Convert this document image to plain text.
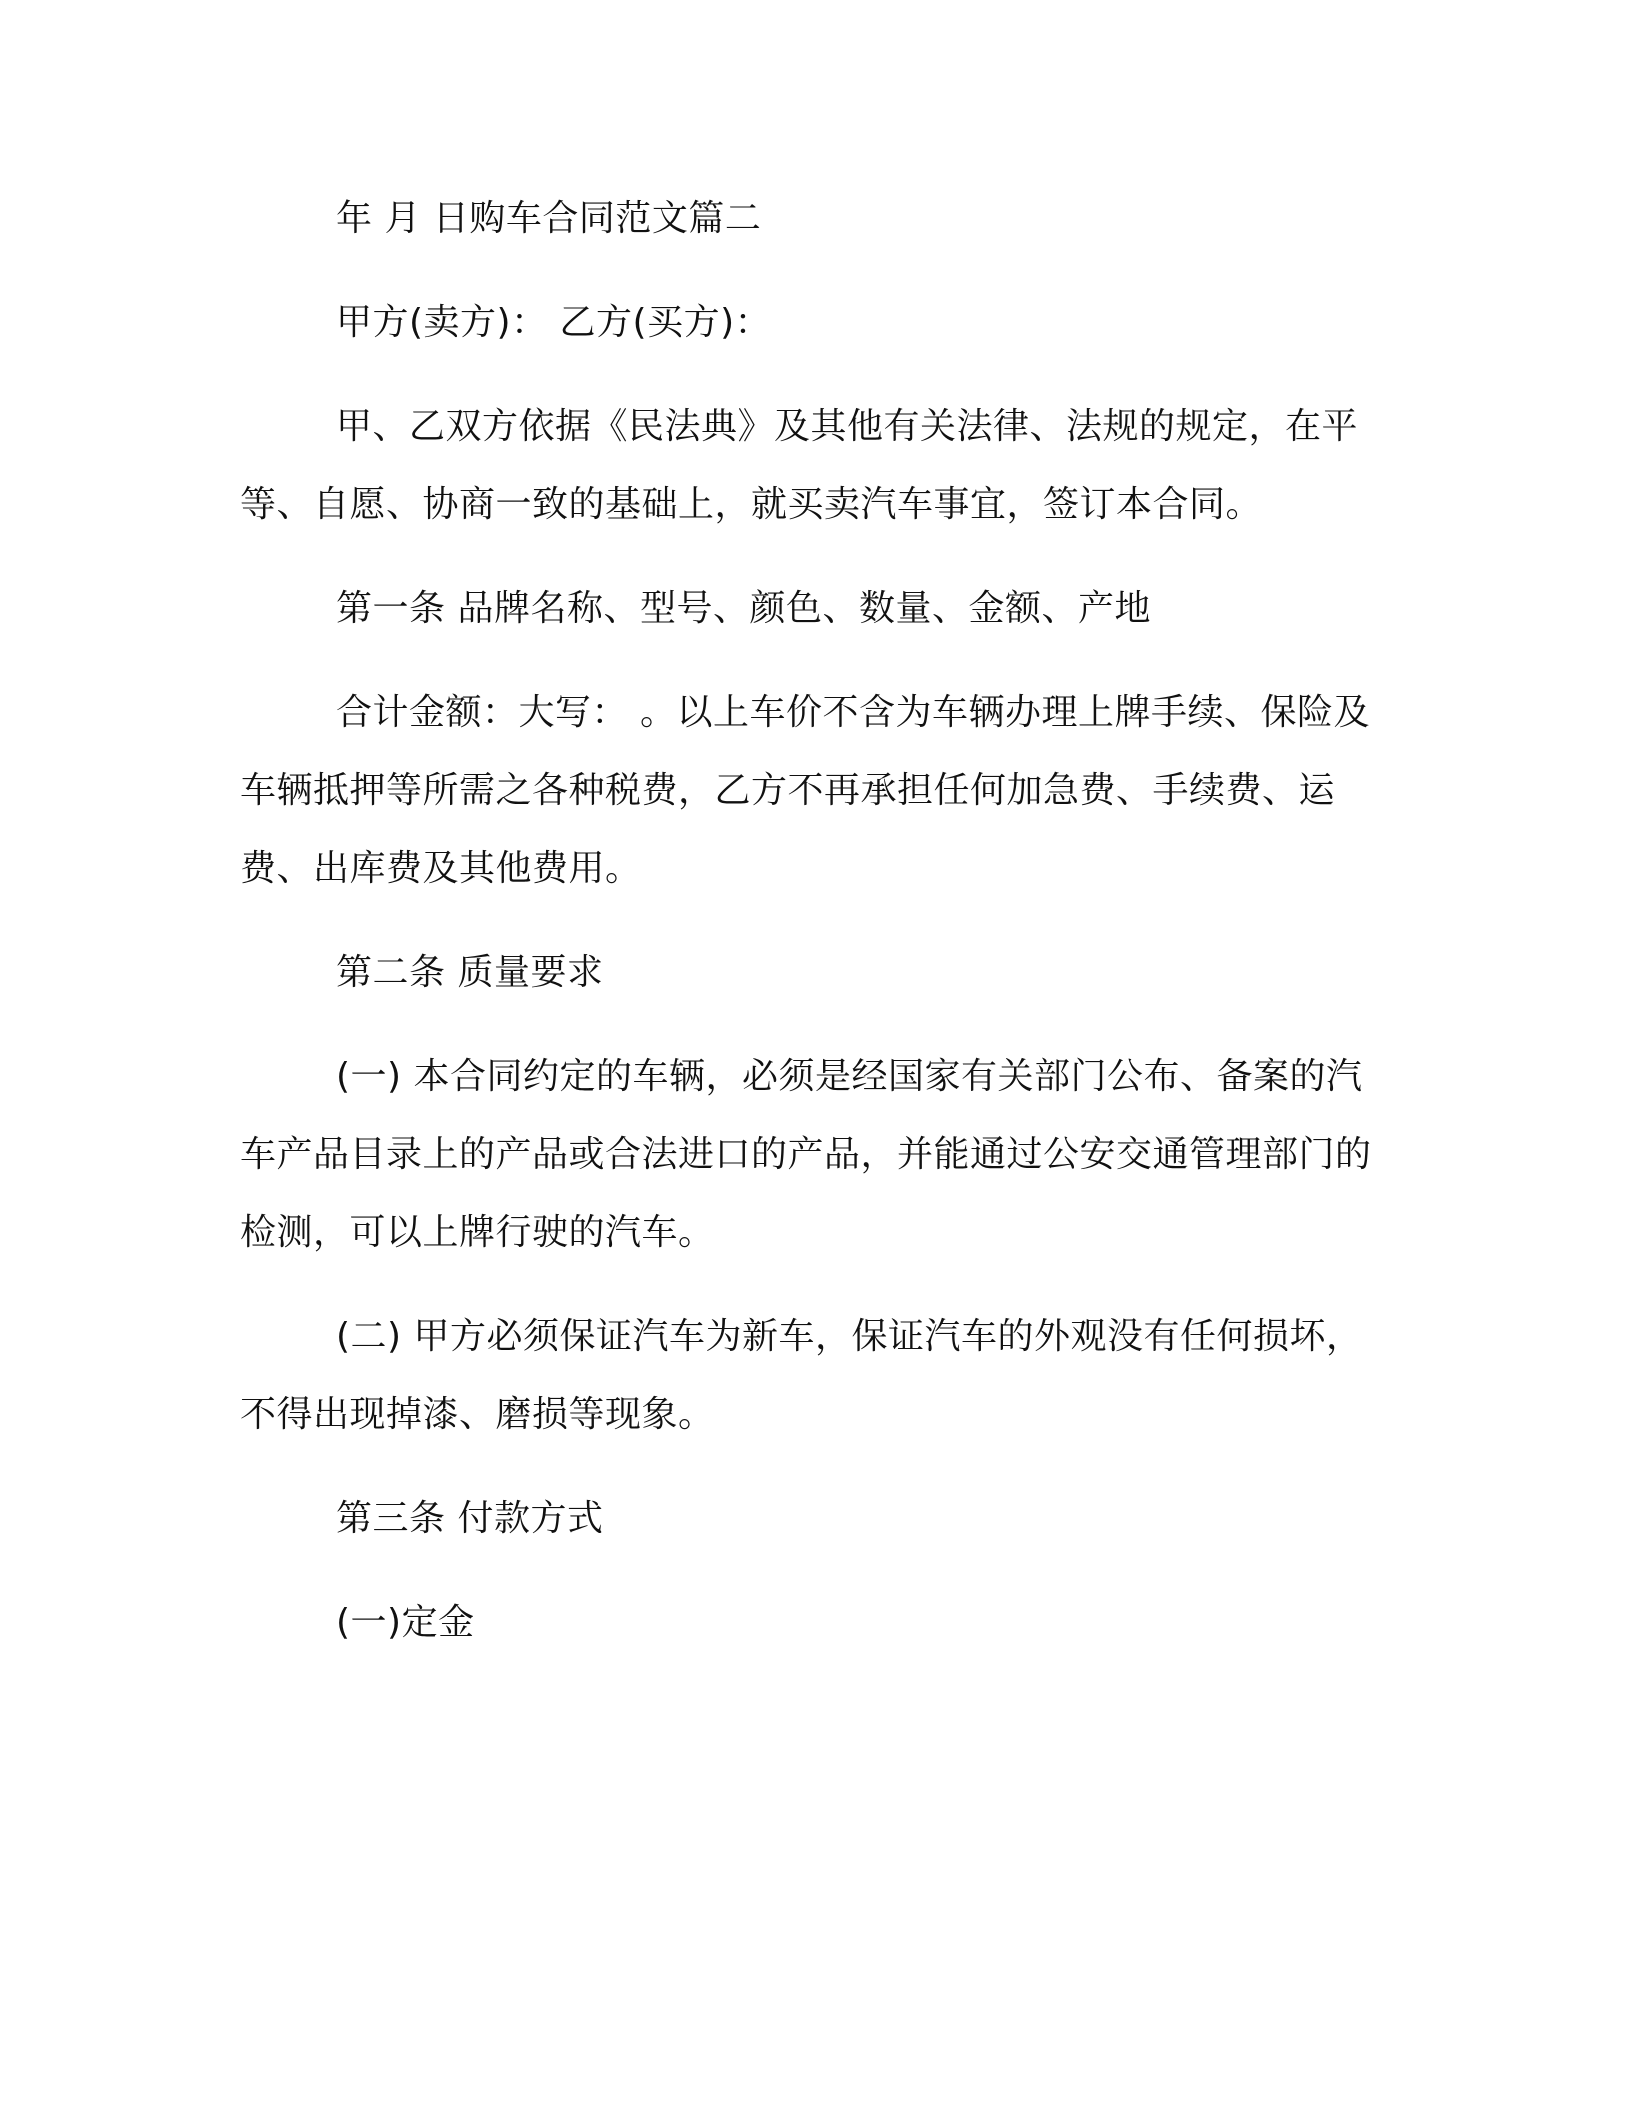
年 月 日购车合同范文篇二

甲方(卖方)： 乙方(买方)：

甲、乙双方依据《民法典》及其他有关法律、法规的规定，在平等、自愿、协商一致的基础上，就买卖汽车事宜，签订本合同。

第一条 品牌名称、型号、颜色、数量、金额、产地

合计金额：大写： 。以上车价不含为车辆办理上牌手续、保险及车辆抵押等所需之各种税费，乙方不再承担任何加急费、手续费、运费、出库费及其他费用。

第二条 质量要求

(一) 本合同约定的车辆，必须是经国家有关部门公布、备案的汽车产品目录上的产品或合法进口的产品，并能通过公安交通管理部门的检测，可以上牌行驶的汽车。

(二) 甲方必须保证汽车为新车，保证汽车的外观没有任何损坏，不得出现掉漆、磨损等现象。

第三条 付款方式

(一)定金
